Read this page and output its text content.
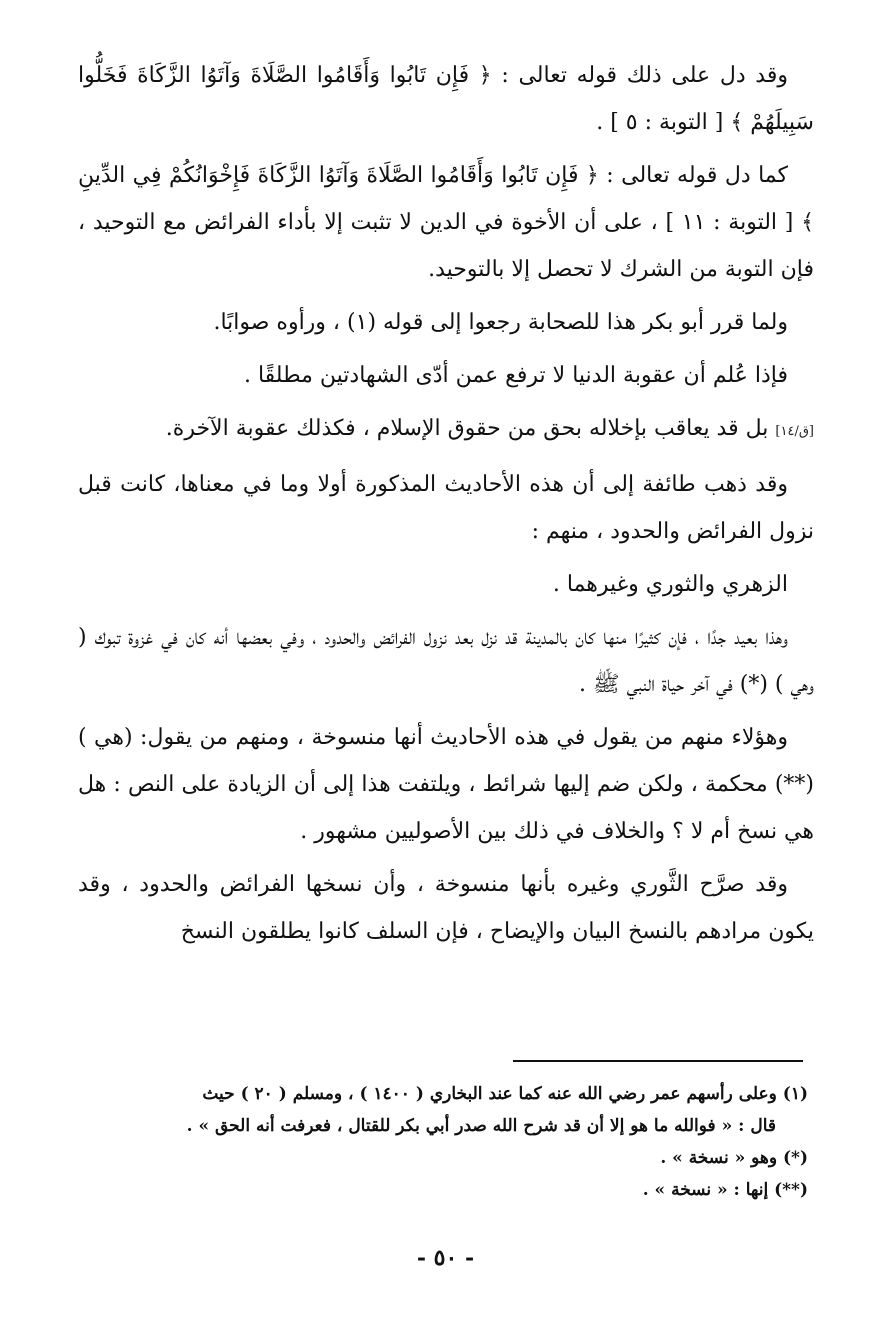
وقد دل على ذلك قوله تعالى : ﴿ فَإِن تَابُوا وَأَقَامُوا الصَّلَاةَ وَآتَوُا الزَّكَاةَ فَخَلُّوا سَبِيلَهُمْ ﴾ [ التوبة : ٥ ] .

كما دل قوله تعالى : ﴿ فَإِن تَابُوا وَأَقَامُوا الصَّلَاةَ وَآتَوُا الزَّكَاةَ فَإِخْوَانُكُمْ فِي الدِّينِ ﴾ [ التوبة : ١١ ] ، على أن الأخوة في الدين لا تثبت إلا بأداء الفرائض مع التوحيد ، فإن التوبة من الشرك لا تحصل إلا بالتوحيد.

ولما قرر أبو بكر هذا للصحابة رجعوا إلى قوله (١) ، ورأوه صوابًا.

فإذا عُلم أن عقوبة الدنيا لا ترفع عمن أدّى الشهادتين مطلقًا .

[ق/١٤] بل قد يعاقب بإخلاله بحق من حقوق الإسلام ، فكذلك عقوبة الآخرة.

وقد ذهب طائفة إلى أن هذه الأحاديث المذكورة أولا وما في معناها، كانت قبل نزول الفرائض والحدود ، منهم :

الزهري والثوري وغيرهما .

وهذا بعيد جدًا ، فإن كثيرًا منها كان بالمدينة قد نزل بعد نزول الفرائض والحدود ، وفي بعضها أنه كان في غزوة تبوك ( وهي ) (*) في آخر حياة النبي ﷺ .

وهؤلاء منهم من يقول في هذه الأحاديث أنها منسوخة ، ومنهم من يقول: (هي ) (**) محكمة ، ولكن ضم إليها شرائط ، ويلتفت هذا إلى أن الزيادة على النص : هل هي نسخ أم لا ؟ والخلاف في ذلك بين الأصوليين مشهور .

وقد صرَّح الثَّوري وغيره بأنها منسوخة ، وأن نسخها الفرائض والحدود ، وقد يكون مرادهم بالنسخ البيان والإيضاح ، فإن السلف كانوا يطلقون النسخ

(١) وعلى رأسهم عمر رضي الله عنه كما عند البخاري ( ١٤٠٠ ) ، ومسلم ( ٢٠ ) حيث

قال : « فوالله ما هو إلا أن قد شرح الله صدر أبي بكر للقتال ، فعرفت أنه الحق » .

(*) وهو « نسخة » .

(**) إنها : « نسخة » .

- ٥٠ -
